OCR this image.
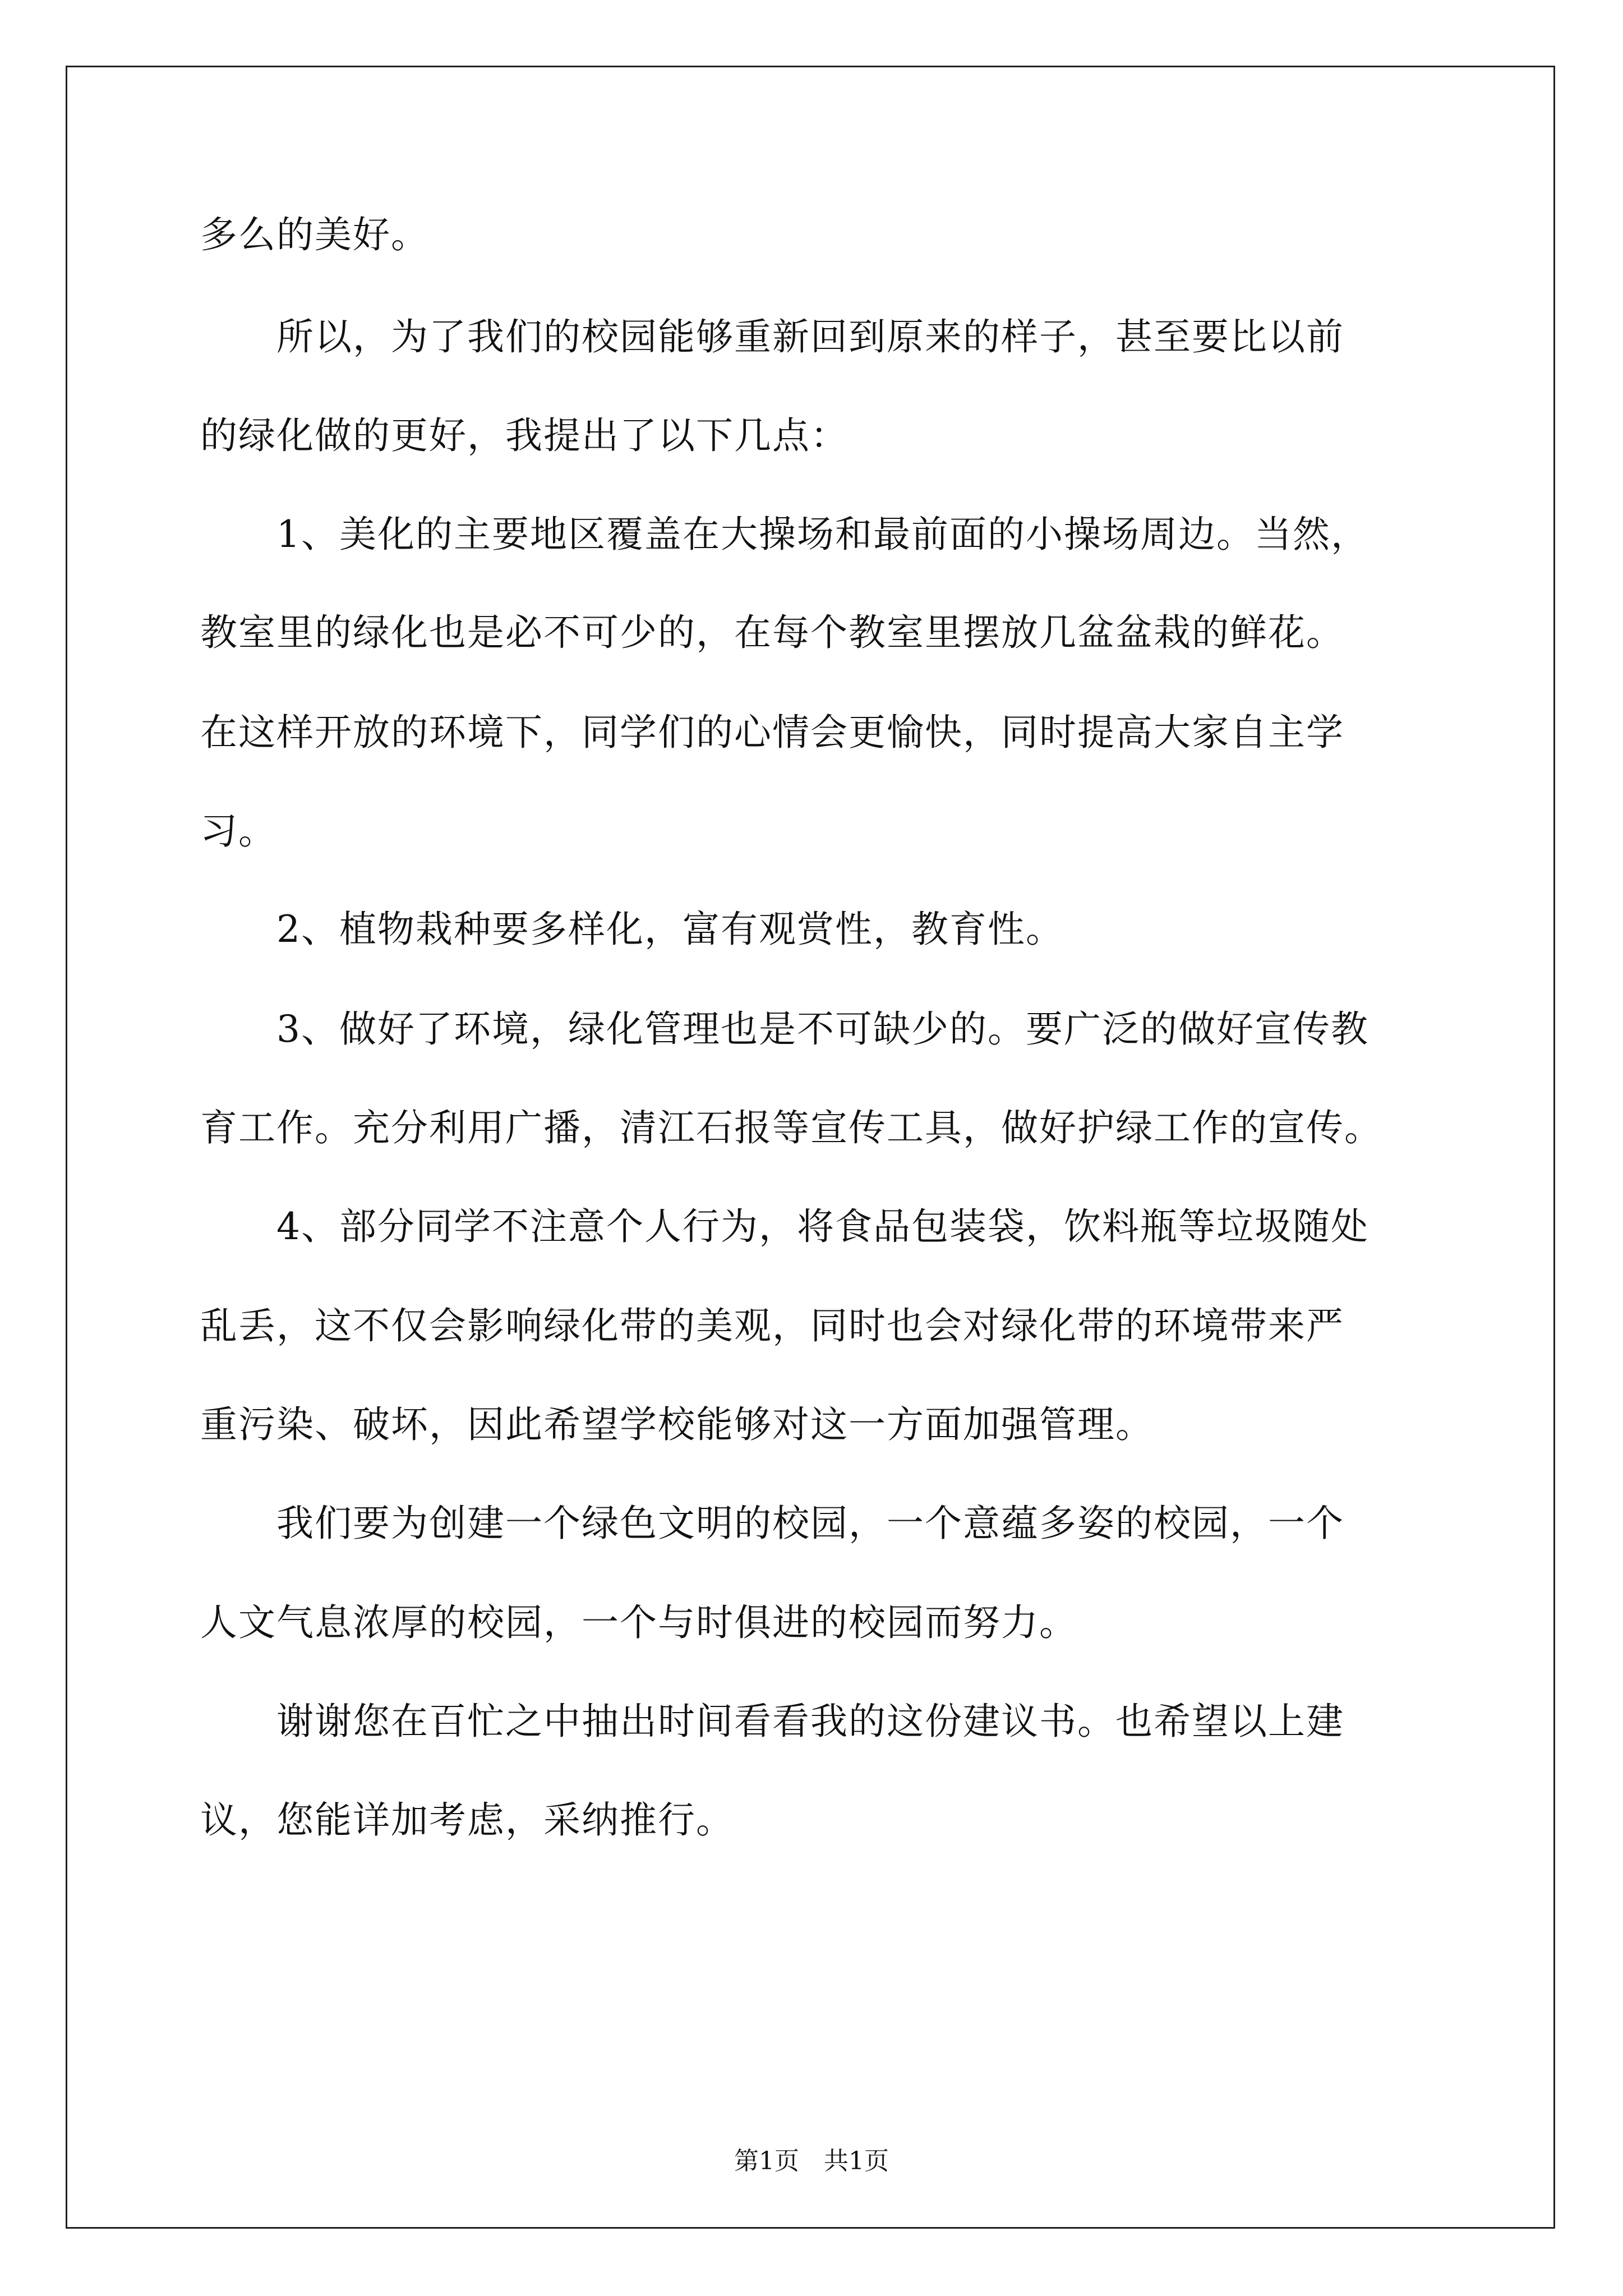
多么的美好。
　　所以，为了我们的校园能够重新回到原来的样子，甚至要比以前
的绿化做的更好，我提出了以下几点：
　　1、美化的主要地区覆盖在大操场和最前面的小操场周边。当然，
教室里的绿化也是必不可少的，在每个教室里摆放几盆盆栽的鲜花。
在这样开放的环境下，同学们的心情会更愉快，同时提高大家自主学
习。
　　2、植物栽种要多样化，富有观赏性，教育性。
　　3、做好了环境，绿化管理也是不可缺少的。要广泛的做好宣传教
育工作。充分利用广播，清江石报等宣传工具，做好护绿工作的宣传。
　　4、部分同学不注意个人行为，将食品包装袋，饮料瓶等垃圾随处
乱丢，这不仅会影响绿化带的美观，同时也会对绿化带的环境带来严
重污染、破坏，因此希望学校能够对这一方面加强管理。
　　我们要为创建一个绿色文明的校园，一个意蕴多姿的校园，一个
人文气息浓厚的校园，一个与时俱进的校园而努力。
　　谢谢您在百忙之中抽出时间看看我的这份建议书。也希望以上建
议，您能详加考虑，采纳推行。
第1页　共1页
